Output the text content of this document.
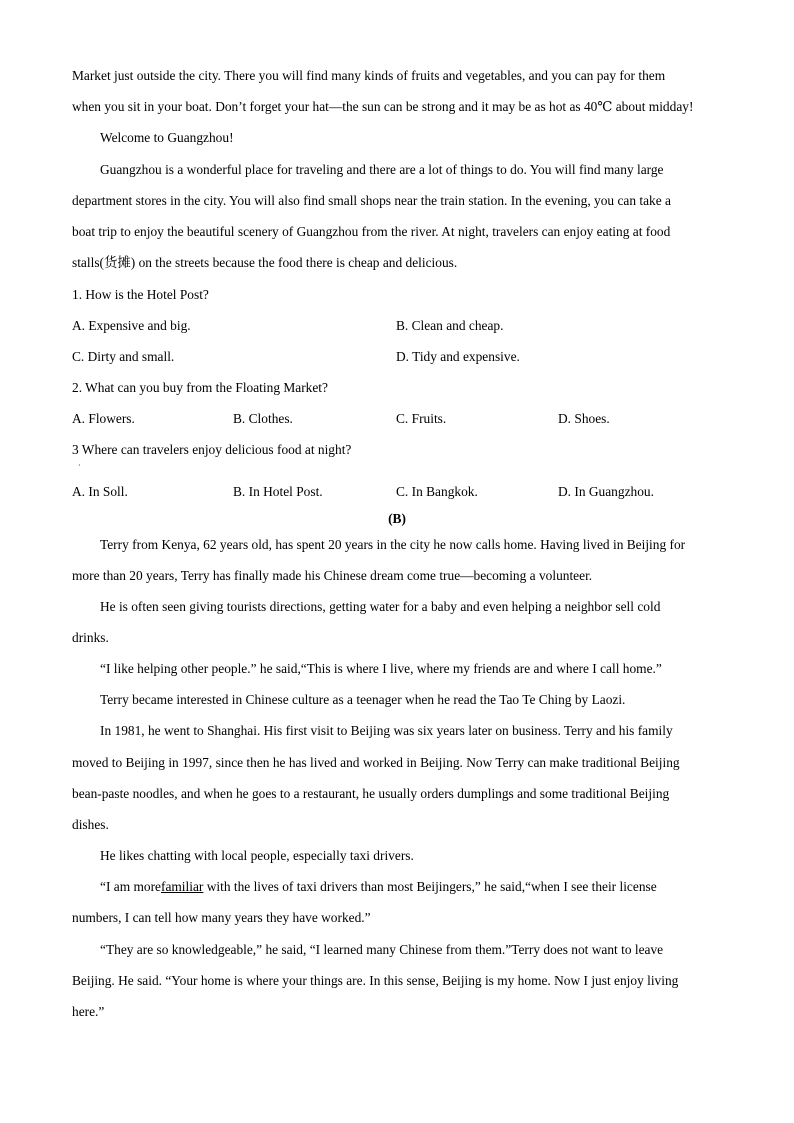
Market just outside the city. There you will find many kinds of fruits and vegetables, and you can pay for them
when you sit in your boat. Don’t forget your hat—the sun can be strong and it may be as hot as 40℃ about midday!
Welcome to Guangzhou!
Guangzhou is a wonderful place for traveling and there are a lot of things to do. You will find many large
department stores in the city. You will also find small shops near the train station. In the evening, you can take a
boat trip to enjoy the beautiful scenery of Guangzhou from the river. At night, travelers can enjoy eating at food
stalls(货摊) on the streets because the food there is cheap and delicious.
1. How is the Hotel Post?
A. Expensive and big.	B. Clean and cheap.
C. Dirty and small.	D. Tidy and expensive.
2. What can you buy from the Floating Market?
A. Flowers.	B. Clothes.	C. Fruits.	D. Shoes.
3 Where can travelers enjoy delicious food at night?
·
A. In Soll.	B. In Hotel Post.	C. In Bangkok.	D. In Guangzhou.
(B)
Terry from Kenya, 62 years old, has spent 20 years in the city he now calls home. Having lived in Beijing for
more than 20 years, Terry has finally made his Chinese dream come true—becoming a volunteer.
He is often seen giving tourists directions, getting water for a baby and even helping a neighbor sell cold
drinks.
“I like helping other people.” he said,“This is where I live, where my friends are and where I call home.”
Terry became interested in Chinese culture as a teenager when he read the Tao Te Ching by Laozi.
In 1981, he went to Shanghai. His first visit to Beijing was six years later on business. Terry and his family
moved to Beijing in 1997, since then he has lived and worked in Beijing. Now Terry can make traditional Beijing
bean-paste noodles, and when he goes to a restaurant, he usually orders dumplings and some traditional Beijing
dishes.
He likes chatting with local people, especially taxi drivers.
“I am morefamiliar with the lives of taxi drivers than most Beijingers,” he said,“when I see their license
numbers, I can tell how many years they have worked.”
“They are so knowledgeable,” he said, “I learned many Chinese from them.”Terry does not want to leave
Beijing. He said. “Your home is where your things are. In this sense, Beijing is my home. Now I just enjoy living
here.”
